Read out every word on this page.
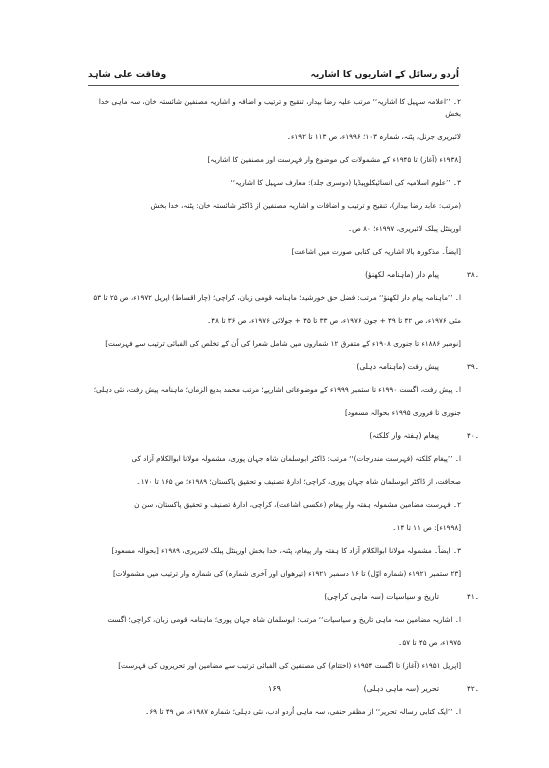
اُردو رسائل کے اشاریوں کا اشاریہ
وفاقت علی شاہد
۲۔ ’’اعلامہ سہیل کا اشاریہ‘‘ مرتب علیہ رضا بیدار، تنقیح و ترتیب و اضافہ و اشاریہ مصنفین شائستہ خان، سہ ماہی خدا بخش
لائبریری جرنل، پٹنہ، شمارہ ۱۰۳؛ ۱۹۹۶ء، ص ۱۱۳ تا ۱۹۲ء۔
[۱۹۳۸ء (آغاز) تا ۱۹۴۵ء کے مشمولات کی موضوع وار فہرست اور مصنفین کا اشاریہ]
۳۔ ’’علوم اسلامیہ کی انسائیکلوپیڈیا (دوسری جلد): معارف سہیل کا اشاریہ‘‘
(مرتب: عابد رضا بیدار)، تنقیح و ترتیب و اضافات و اشاریہ مصنفین از ڈاکٹر شائستہ خان: پٹنہ، خدا بخش
اورینٹل پبلک لائبریری، ۱۹۹۷ء؛ ۸۰ ص۔
[ایضاً۔ مذکورہ بالا اشاریہ کی کتابی صورت میں اشاعت]
۳۸۔
پیام دار (ماہنامہ لکھنؤ)
ا۔ ’’ماہنامہ پیام دار لکھنؤ‘‘ مرتب: فضل حق خورشید؛ ماہنامہ قومی زبان، کراچی؛ (چار اقساط) اپریل ۱۹۷۲ء، ص ۲۵ تا ۵۳
مئی ۱۹۷۶ء، ص ۴۲ تا ۴۹ + جون ۱۹۷۶ء، ص ۳۳ تا ۴۵ + جولائی ۱۹۷۶ء، ص ۳۶ تا ۴۸۔
[نومبر ۱۸۸۶ء تا جنوری ۱۹۰۸ء کے متفرق ۱۲ شماروں میں شامل شعرا کی اُن کے تخلص کی الفبائی ترتیب سے فہرست]
۳۹۔
پیش رفت (ماہنامہ دہلی)
ا۔ پیش رفت، اگست ۱۹۹۰ء تا ستمبر ۱۹۹۹ء کے موضوعاتی اشاریے؛ مرتب محمد بدیع الزماں؛ ماہنامہ پیش رفت، نئی دہلی؛
جنوری تا فروری ۱۹۹۵ء بحوالہ مسعود]
۴۰۔
پیغام (ہفتہ وار کلکتہ)
ا۔ ’’پیغام کلکتہ (فہرست مندرجات)‘‘ مرتب: ڈاکٹر ابوسلمان شاہ جہان پوری، مشمولہ مولانا ابوالکلام آزاد کی
صحافت، از ڈاکٹر ابوسلمان شاہ جہان پوری، کراچی؛ ادارۂ تصنیف و تحقیق پاکستان؛ ۱۹۸۹ء؛ ص ۱۶۵ تا ۱۷۰۔
۲۔ فہرست مضامین مشمولہ ہفتہ وار پیغام (عکسی اشاعت)، کراچی، ادارۂ تصنیف و تحقیق پاکستان، سن ن
[۱۹۹۸ء]: ص ۱۱ تا ۱۴۔
۳۔ ایضاً۔ مشمولہ مولانا ابوالکلام آزاد کا ہفتہ وار پیغام، پٹنہ، خدا بخش اورینٹل پبلک لائبریری، ۱۹۸۹ء [بحوالہ مسعود]
[۲۳ ستمبر ۱۹۲۱ء (شمارہ اوّل) تا ۱۶ دسمبر ۱۹۲۱ء (تیرھواں اور آخری شمارہ) کی شمارہ وار ترتیب میں مشمولات]
۴۱۔
تاریخ و سیاسیات (سہ ماہی کراچی)
ا۔ اشاریہ مضامین سہ ماہی تاریخ و سیاسیات‘‘ مرتب: ابوسلمان شاہ جہان پوری؛ ماہنامہ قومی زبان، کراچی؛ اگست
۱۹۷۵ء، ص ۴۵ تا ۵۷۔
[اپریل ۱۹۵۱ء (آغاز) تا اگست ۱۹۵۴ء (اختتام) کی مصنفین کی الفبائی ترتیب سے مضامین اور تحریروں کی فہرست]
۴۲۔
تحریر (سہ ماہی دہلی)
ا۔ ’’ایک کتابی رسالہ تحریر‘‘ از مظفر حنفی، سہ ماہی اُردو ادب، نئی دہلی؛ شمارہ ۱۹۸۷ء، ص ۴۹ تا ۶۹۔
۱۶۹
